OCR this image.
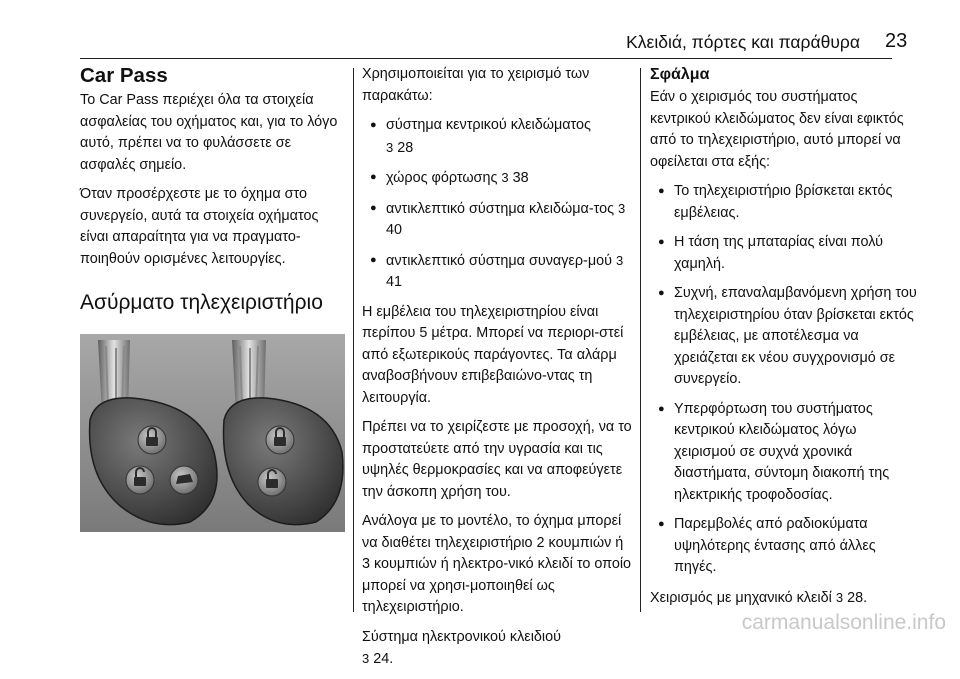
Κλειδιά, πόρτες και παράθυρα 23
Car Pass

Το Car Pass περιέχει όλα τα στοιχεία ασφαλείας του οχήματος και, για το λόγο αυτό, πρέπει να το φυλάσσετε σε ασφαλές σημείο.

Όταν προσέρχεστε με το όχημα στο συνεργείο, αυτά τα στοιχεία οχήματος είναι απαραίτητα για να πραγματο-ποιηθούν ορισμένες λειτουργίες.

Ασύρματο τηλεχειριστήριο

Χρησιμοποιείται για το χειρισμό των παρακάτω:

● σύστημα κεντρικού κλειδώματος
3 28
● χώρος φόρτωσης 3 38
● αντικλεπτικό σύστημα κλειδώμα-τος 3 40
● αντικλεπτικό σύστημα συναγερ-μού 3 41

Η εμβέλεια του τηλεχειριστηρίου είναι περίπου 5 μέτρα. Μπορεί να περιορι-στεί από εξωτερικούς παράγοντες. Τα αλάρμ αναβοσβήνουν επιβεβαιώνο-ντας τη λειτουργία.

Πρέπει να το χειρίζεστε με προσοχή, να το προστατεύετε από την υγρασία και τις υψηλές θερμοκρασίες και να αποφεύγετε την άσκοπη χρήση του.

Ανάλογα με το μοντέλο, το όχημα μπορεί να διαθέτει τηλεχειριστήριο 2 κουμπιών ή 3 κουμπιών ή ηλεκτρο-νικό κλειδί το οποίο μπορεί να χρησι-μοποιηθεί ως τηλεχειριστήριο.

Σύστημα ηλεκτρονικού κλειδιού
3 24.

Σφάλμα

Εάν ο χειρισμός του συστήματος κεντρικού κλειδώματος δεν είναι εφικτός από το τηλεχειριστήριο, αυτό μπορεί να οφείλεται στα εξής:

● Το τηλεχειριστήριο βρίσκεται εκτός εμβέλειας.
● Η τάση της μπαταρίας είναι πολύ χαμηλή.
● Συχνή, επαναλαμβανόμενη χρήση του τηλεχειριστηρίου όταν βρίσκεται εκτός εμβέλειας, με αποτέλεσμα να χρειάζεται εκ νέου συγχρονισμό σε συνεργείο.
● Υπερφόρτωση του συστήματος κεντρικού κλειδώματος λόγω χειρισμού σε συχνά χρονικά διαστήματα, σύντομη διακοπή της ηλεκτρικής τροφοδοσίας.
● Παρεμβολές από ραδιοκύματα υψηλότερης έντασης από άλλες πηγές.

Χειρισμός με μηχανικό κλειδί 3 28.

carmanualsonline.info
